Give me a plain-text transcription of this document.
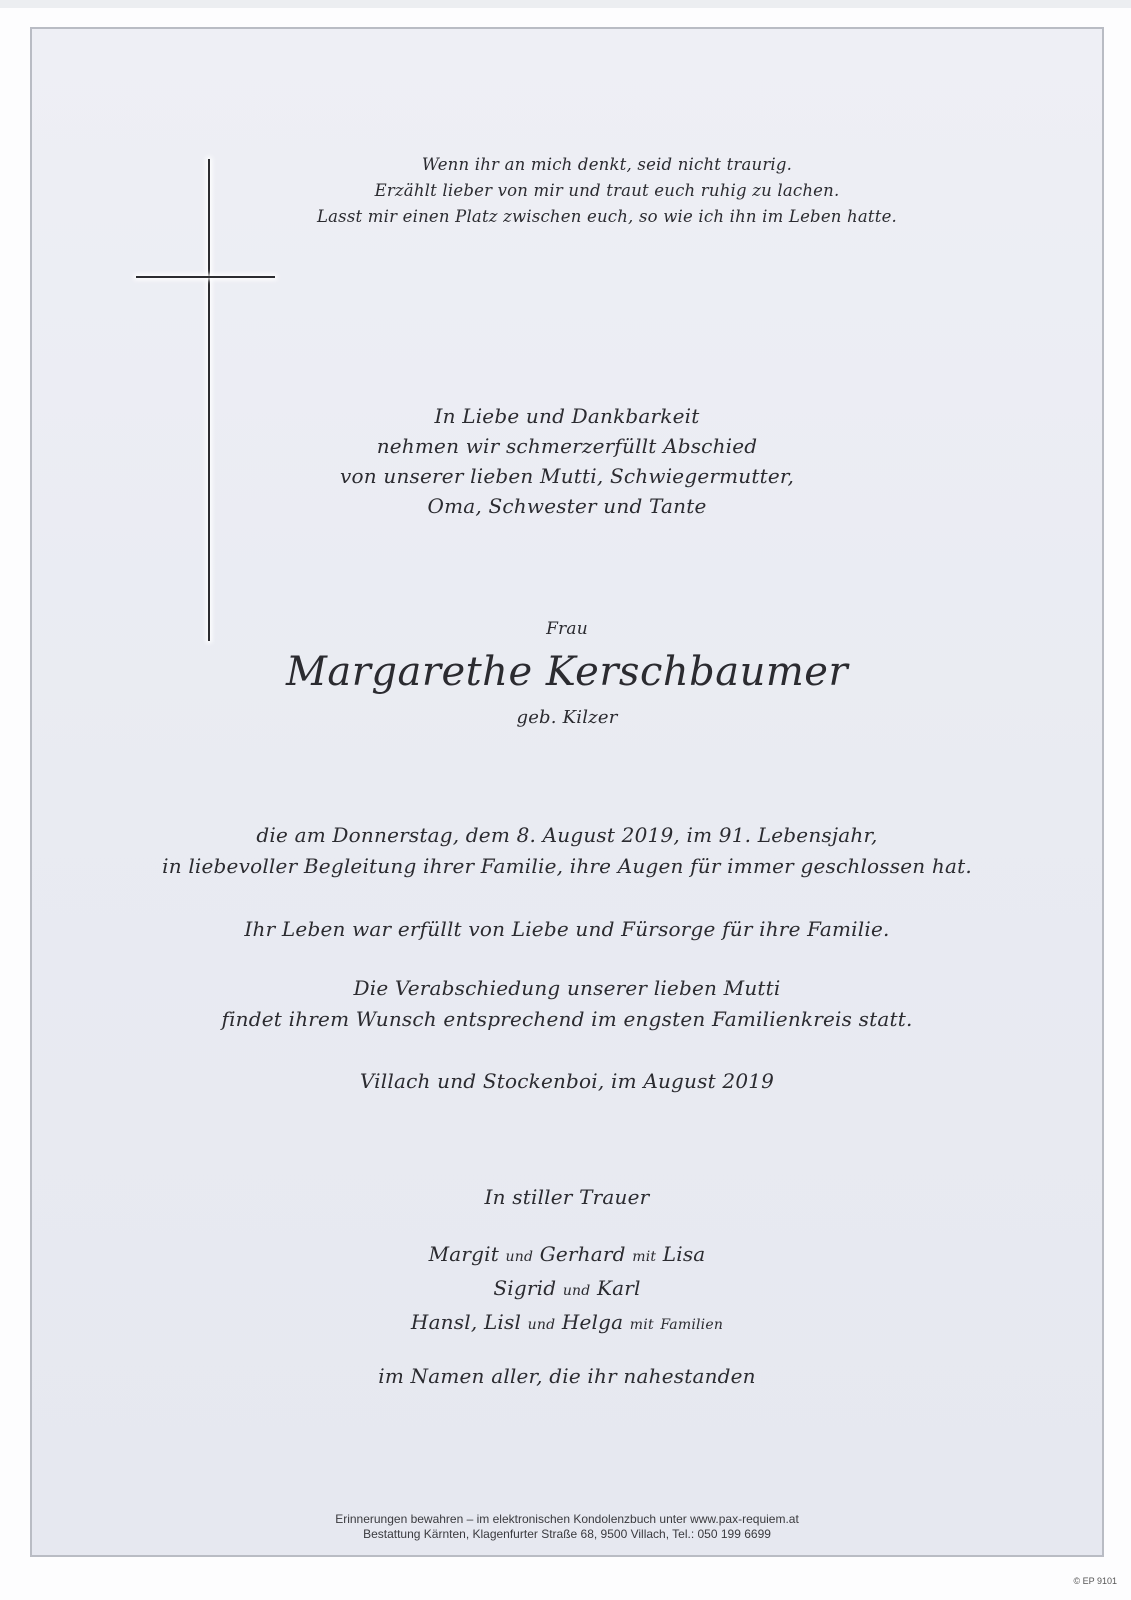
Wenn ihr an mich denkt, seid nicht traurig.
Erzählt lieber von mir und traut euch ruhig zu lachen.
Lasst mir einen Platz zwischen euch, so wie ich ihn im Leben hatte.
In Liebe und Dankbarkeit
nehmen wir schmerzerfüllt Abschied
von unserer lieben Mutti, Schwiegermutter,
Oma, Schwester und Tante
Frau
Margarethe Kerschbaumer
geb. Kilzer
die am Donnerstag, dem 8. August 2019, im 91. Lebensjahr,
in liebevoller Begleitung ihrer Familie, ihre Augen für immer geschlossen hat.
Ihr Leben war erfüllt von Liebe und Fürsorge für ihre Familie.
Die Verabschiedung unserer lieben Mutti
findet ihrem Wunsch entsprechend im engsten Familienkreis statt.
Villach und Stockenboi, im August 2019
In stiller Trauer
Margit und Gerhard mit Lisa
Sigrid und Karl
Hansl, Lisl und Helga mit Familien
im Namen aller, die ihr nahestanden
Erinnerungen bewahren – im elektronischen Kondolenzbuch unter www.pax-requiem.at
Bestattung Kärnten, Klagenfurter Straße 68, 9500 Villach, Tel.: 050 199 6699
© EP 9101
